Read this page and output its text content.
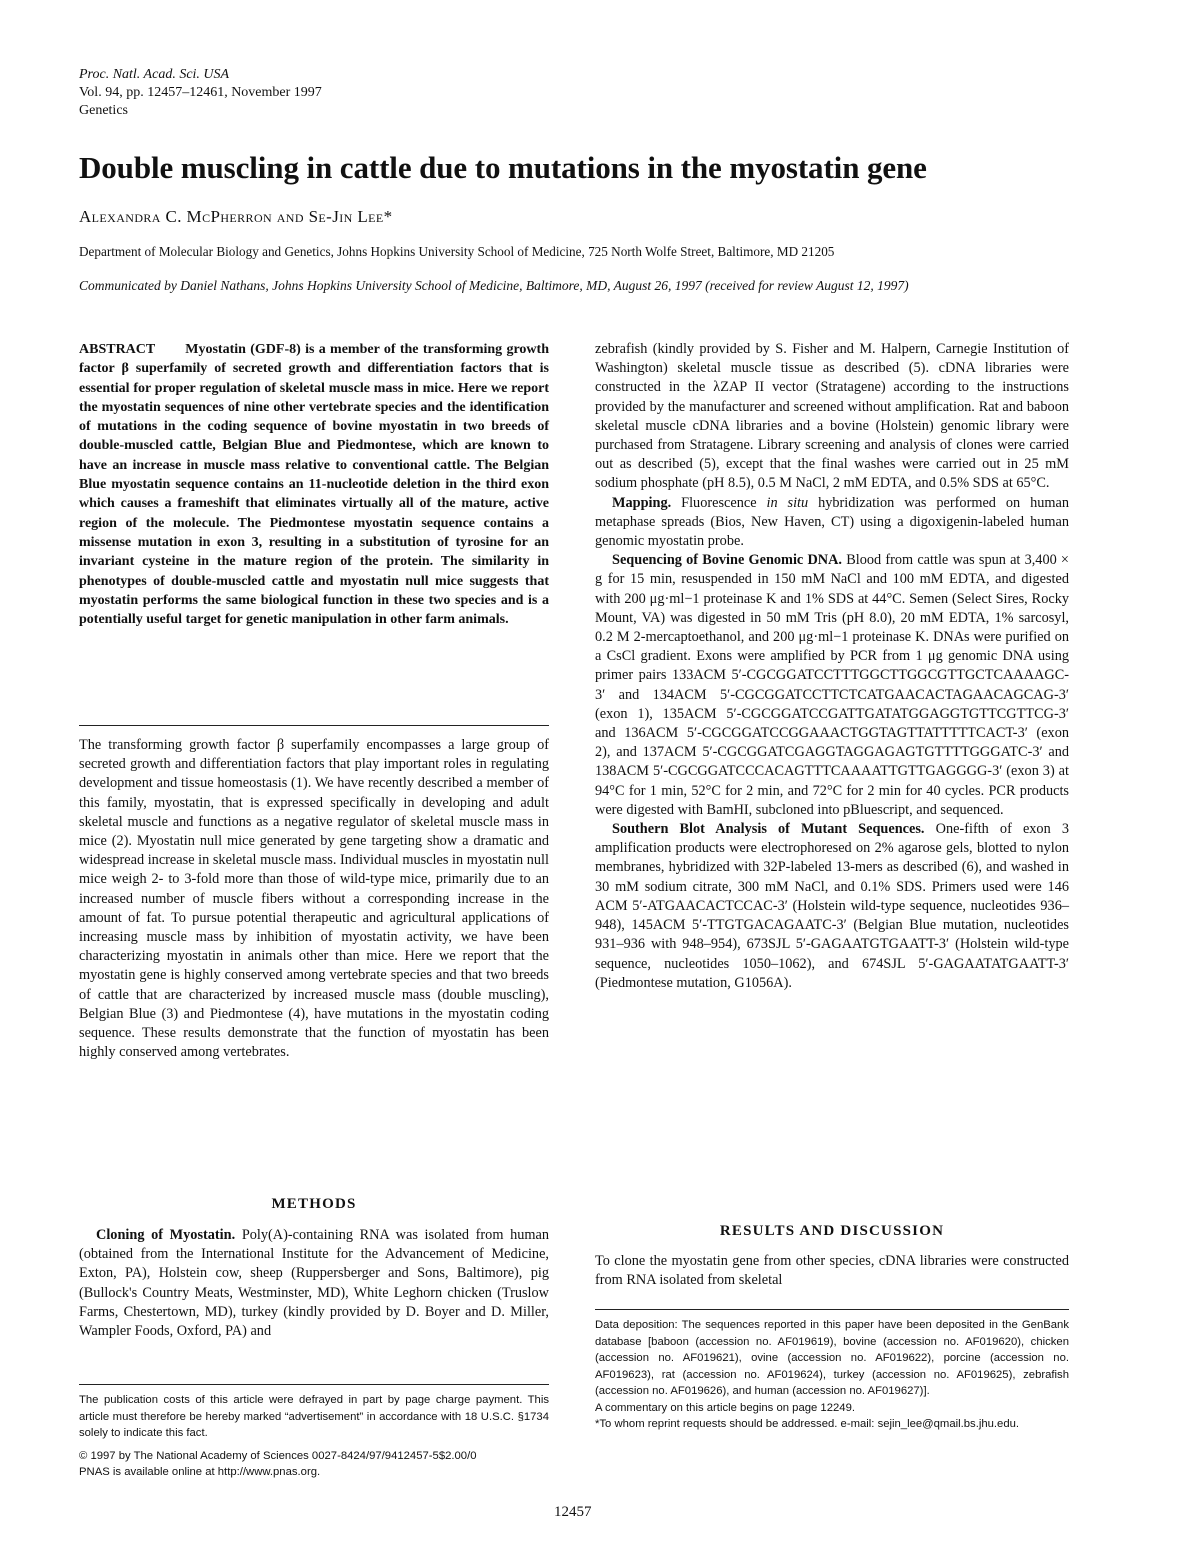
Proc. Natl. Acad. Sci. USA
Vol. 94, pp. 12457–12461, November 1997
Genetics
Double muscling in cattle due to mutations in the myostatin gene
Alexandra C. McPherron and Se-Jin Lee*
Department of Molecular Biology and Genetics, Johns Hopkins University School of Medicine, 725 North Wolfe Street, Baltimore, MD 21205
Communicated by Daniel Nathans, Johns Hopkins University School of Medicine, Baltimore, MD, August 26, 1997 (received for review August 12, 1997)
ABSTRACT Myostatin (GDF-8) is a member of the transforming growth factor β superfamily of secreted growth and differentiation factors that is essential for proper regulation of skeletal muscle mass in mice. Here we report the myostatin sequences of nine other vertebrate species and the identification of mutations in the coding sequence of bovine myostatin in two breeds of double-muscled cattle, Belgian Blue and Piedmontese, which are known to have an increase in muscle mass relative to conventional cattle. The Belgian Blue myostatin sequence contains an 11-nucleotide deletion in the third exon which causes a frameshift that eliminates virtually all of the mature, active region of the molecule. The Piedmontese myostatin sequence contains a missense mutation in exon 3, resulting in a substitution of tyrosine for an invariant cysteine in the mature region of the protein. The similarity in phenotypes of double-muscled cattle and myostatin null mice suggests that myostatin performs the same biological function in these two species and is a potentially useful target for genetic manipulation in other farm animals.

The transforming growth factor β superfamily encompasses a large group of secreted growth and differentiation factors that play important roles in regulating development and tissue homeostasis (1). We have recently described a member of this family, myostatin, that is expressed specifically in developing and adult skeletal muscle and functions as a negative regulator of skeletal muscle mass in mice (2). Myostatin null mice generated by gene targeting show a dramatic and widespread increase in skeletal muscle mass. Individual muscles in myostatin null mice weigh 2- to 3-fold more than those of wild-type mice, primarily due to an increased number of muscle fibers without a corresponding increase in the amount of fat. To pursue potential therapeutic and agricultural applications of increasing muscle mass by inhibition of myostatin activity, we have been characterizing myostatin in animals other than mice. Here we report that the myostatin gene is highly conserved among vertebrate species and that two breeds of cattle that are characterized by increased muscle mass (double muscling), Belgian Blue (3) and Piedmontese (4), have mutations in the myostatin coding sequence. These results demonstrate that the function of myostatin has been highly conserved among vertebrates.

METHODS

Cloning of Myostatin. Poly(A)-containing RNA was isolated from human (obtained from the International Institute for the Advancement of Medicine, Exton, PA), Holstein cow, sheep (Ruppersberger and Sons, Baltimore), pig (Bullock's Country Meats, Westminster, MD), White Leghorn chicken (Truslow Farms, Chestertown, MD), turkey (kindly provided by D. Boyer and D. Miller, Wampler Foods, Oxford, PA) and

The publication costs of this article were defrayed in part by page charge payment. This article must therefore be hereby marked “advertisement” in accordance with 18 U.S.C. §1734 solely to indicate this fact.

© 1997 by The National Academy of Sciences 0027-8424/97/9412457-5$2.00/0

PNAS is available online at http://www.pnas.org.

zebrafish (kindly provided by S. Fisher and M. Halpern, Carnegie Institution of Washington) skeletal muscle tissue as described (5). cDNA libraries were constructed in the λZAP II vector (Stratagene) according to the instructions provided by the manufacturer and screened without amplification. Rat and baboon skeletal muscle cDNA libraries and a bovine (Holstein) genomic library were purchased from Stratagene. Library screening and analysis of clones were carried out as described (5), except that the final washes were carried out in 25 mM sodium phosphate (pH 8.5), 0.5 M NaCl, 2 mM EDTA, and 0.5% SDS at 65°C.

Mapping. Fluorescence in situ hybridization was performed on human metaphase spreads (Bios, New Haven, CT) using a digoxigenin-labeled human genomic myostatin probe.

Sequencing of Bovine Genomic DNA. Blood from cattle was spun at 3,400 × g for 15 min, resuspended in 150 mM NaCl and 100 mM EDTA, and digested with 200 μg·ml−1 proteinase K and 1% SDS at 44°C. Semen (Select Sires, Rocky Mount, VA) was digested in 50 mM Tris (pH 8.0), 20 mM EDTA, 1% sarcosyl, 0.2 M 2-mercaptoethanol, and 200 μg·ml−1 proteinase K. DNAs were purified on a CsCl gradient. Exons were amplified by PCR from 1 μg genomic DNA using primer pairs 133ACM 5′-CGCGGATCCTTTGGCTTGGCGTTGCTCAAAAGC-3′ and 134ACM 5′-CGCGGATCCTTCTCATGAACACTAGAACAGCAG-3′ (exon 1), 135ACM 5′-CGCGGATCCGATTGATATGGAGGTGTTCGTTCG-3′ and 136ACM 5′-CGCGGATCCGGAAACTGGTAGTTATTTTTCACT-3′ (exon 2), and 137ACM 5′-CGCGGATCGAGGTAGGAGAGTGTTTTGGGATC-3′ and 138ACM 5′-CGCGGATCCCACAGTTTCAAAATTGTTGAGGGG-3′ (exon 3) at 94°C for 1 min, 52°C for 2 min, and 72°C for 2 min for 40 cycles. PCR products were digested with BamHI, subcloned into pBluescript, and sequenced.

Southern Blot Analysis of Mutant Sequences. One-fifth of exon 3 amplification products were electrophoresed on 2% agarose gels, blotted to nylon membranes, hybridized with 32P-labeled 13-mers as described (6), and washed in 30 mM sodium citrate, 300 mM NaCl, and 0.1% SDS. Primers used were 146 ACM 5′-ATGAACACTCCAC-3′ (Holstein wild-type sequence, nucleotides 936–948), 145ACM 5′-TTGTGACAGAATC-3′ (Belgian Blue mutation, nucleotides 931–936 with 948–954), 673SJL 5′-GAGAATGTGAATT-3′ (Holstein wild-type sequence, nucleotides 1050–1062), and 674SJL 5′-GAGAATATGAATT-3′ (Piedmontese mutation, G1056A).

RESULTS AND DISCUSSION

To clone the myostatin gene from other species, cDNA libraries were constructed from RNA isolated from skeletal

Data deposition: The sequences reported in this paper have been deposited in the GenBank database [baboon (accession no. AF019619), bovine (accession no. AF019620), chicken (accession no. AF019621), ovine (accession no. AF019622), porcine (accession no. AF019623), rat (accession no. AF019624), turkey (accession no. AF019625), zebrafish (accession no. AF019626), and human (accession no. AF019627)].

A commentary on this article begins on page 12249.

*To whom reprint requests should be addressed. e-mail: sejin_lee@qmail.bs.jhu.edu.

12457
